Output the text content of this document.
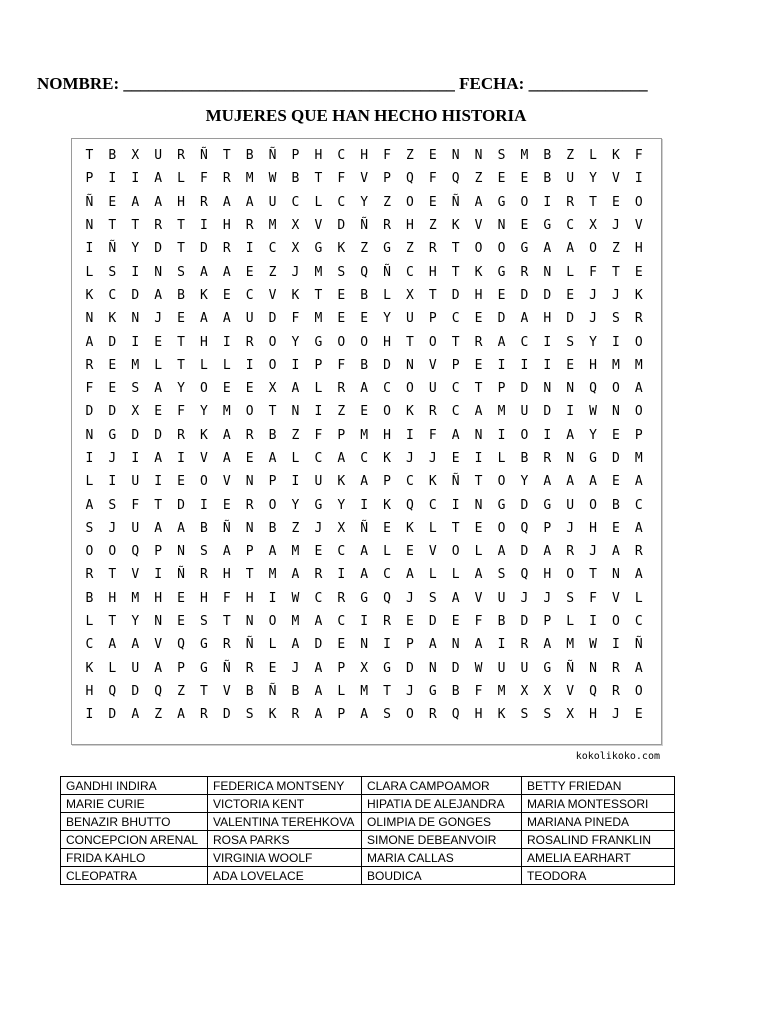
NOMBRE: _______________________________________ FECHA: ______________
MUJERES QUE HAN HECHO HISTORIA
T	B	X	U	R	Ñ	T	B	Ñ	P	H	C	H	F	Z	E	N	N	S	M	B	Z	L	K	F
P	I	I	A	L	F	R	M	W	B	T	F	V	P	Q	F	Q	Z	E	E	B	U	Y	V	I
Ñ	E	A	A	H	R	A	A	U	C	L	C	Y	Z	O	E	Ñ	A	G	O	I	R	T	E	O
N	T	T	R	T	I	H	R	M	X	V	D	Ñ	R	H	Z	K	V	N	E	G	C	X	J	V
I	Ñ	Y	D	T	D	R	I	C	X	G	K	Z	G	Z	R	T	O	O	G	A	A	O	Z	H
L	S	I	N	S	A	A	E	Z	J	M	S	Q	Ñ	C	H	T	K	G	R	N	L	F	T	E
K	C	D	A	B	K	E	C	V	K	T	E	B	L	X	T	D	H	E	D	D	E	J	J	K
N	K	N	J	E	A	A	U	D	F	M	E	E	Y	U	P	C	E	D	A	H	D	J	S	R
A	D	I	E	T	H	I	R	O	Y	G	O	O	H	T	O	T	R	A	C	I	S	Y	I	O
R	E	M	L	T	L	L	I	O	I	P	F	B	D	N	V	P	E	I	I	I	E	H	M	M
F	E	S	A	Y	O	E	E	X	A	L	R	A	C	O	U	C	T	P	D	N	N	Q	O	A
D	D	X	E	F	Y	M	O	T	N	I	Z	E	O	K	R	C	A	M	U	D	I	W	N	O
N	G	D	D	R	K	A	R	B	Z	F	P	M	H	I	F	A	N	I	O	I	A	Y	E	P
I	J	I	A	I	V	A	E	A	L	C	A	C	K	J	J	E	I	L	B	R	N	G	D	M
L	I	U	I	E	O	V	N	P	I	U	K	A	P	C	K	Ñ	T	O	Y	A	A	A	E	A
A	S	F	T	D	I	E	R	O	Y	G	Y	I	K	Q	C	I	N	G	D	G	U	O	B	C
S	J	U	A	A	B	Ñ	N	B	Z	J	X	Ñ	E	K	L	T	E	O	Q	P	J	H	E	A
O	O	Q	P	N	S	A	P	A	M	E	C	A	L	E	V	O	L	A	D	A	R	J	A	R
R	T	V	I	Ñ	R	H	T	M	A	R	I	A	C	A	L	L	A	S	Q	H	O	T	N	A
B	H	M	H	E	H	F	H	I	W	C	R	G	Q	J	S	A	V	U	J	J	S	F	V	L
L	T	Y	N	E	S	T	N	O	M	A	C	I	R	E	D	E	F	B	D	P	L	I	O	C
C	A	A	V	Q	G	R	Ñ	L	A	D	E	N	I	P	A	N	A	I	R	A	M	W	I	Ñ
K	L	U	A	P	G	Ñ	R	E	J	A	P	X	G	D	N	D	W	U	U	G	Ñ	N	R	A
H	Q	D	Q	Z	T	V	B	Ñ	B	A	L	M	T	J	G	B	F	M	X	X	V	Q	R	O
I	D	A	Z	A	R	D	S	K	R	A	P	A	S	O	R	Q	H	K	S	S	X	H	J	E
kokolikoko.com
GANDHI INDIRA	FEDERICA MONTSENY	CLARA CAMPOAMOR	BETTY FRIEDAN
MARIE CURIE	VICTORIA KENT	HIPATIA DE ALEJANDRA	MARIA MONTESSORI
BENAZIR BHUTTO	VALENTINA TEREHKOVA	OLIMPIA DE GONGES	MARIANA PINEDA
CONCEPCION ARENAL	ROSA PARKS	SIMONE DEBEANVOIR	ROSALIND FRANKLIN
FRIDA KAHLO	VIRGINIA WOOLF	MARIA CALLAS	AMELIA EARHART
CLEOPATRA	ADA LOVELACE	BOUDICA	TEODORA
